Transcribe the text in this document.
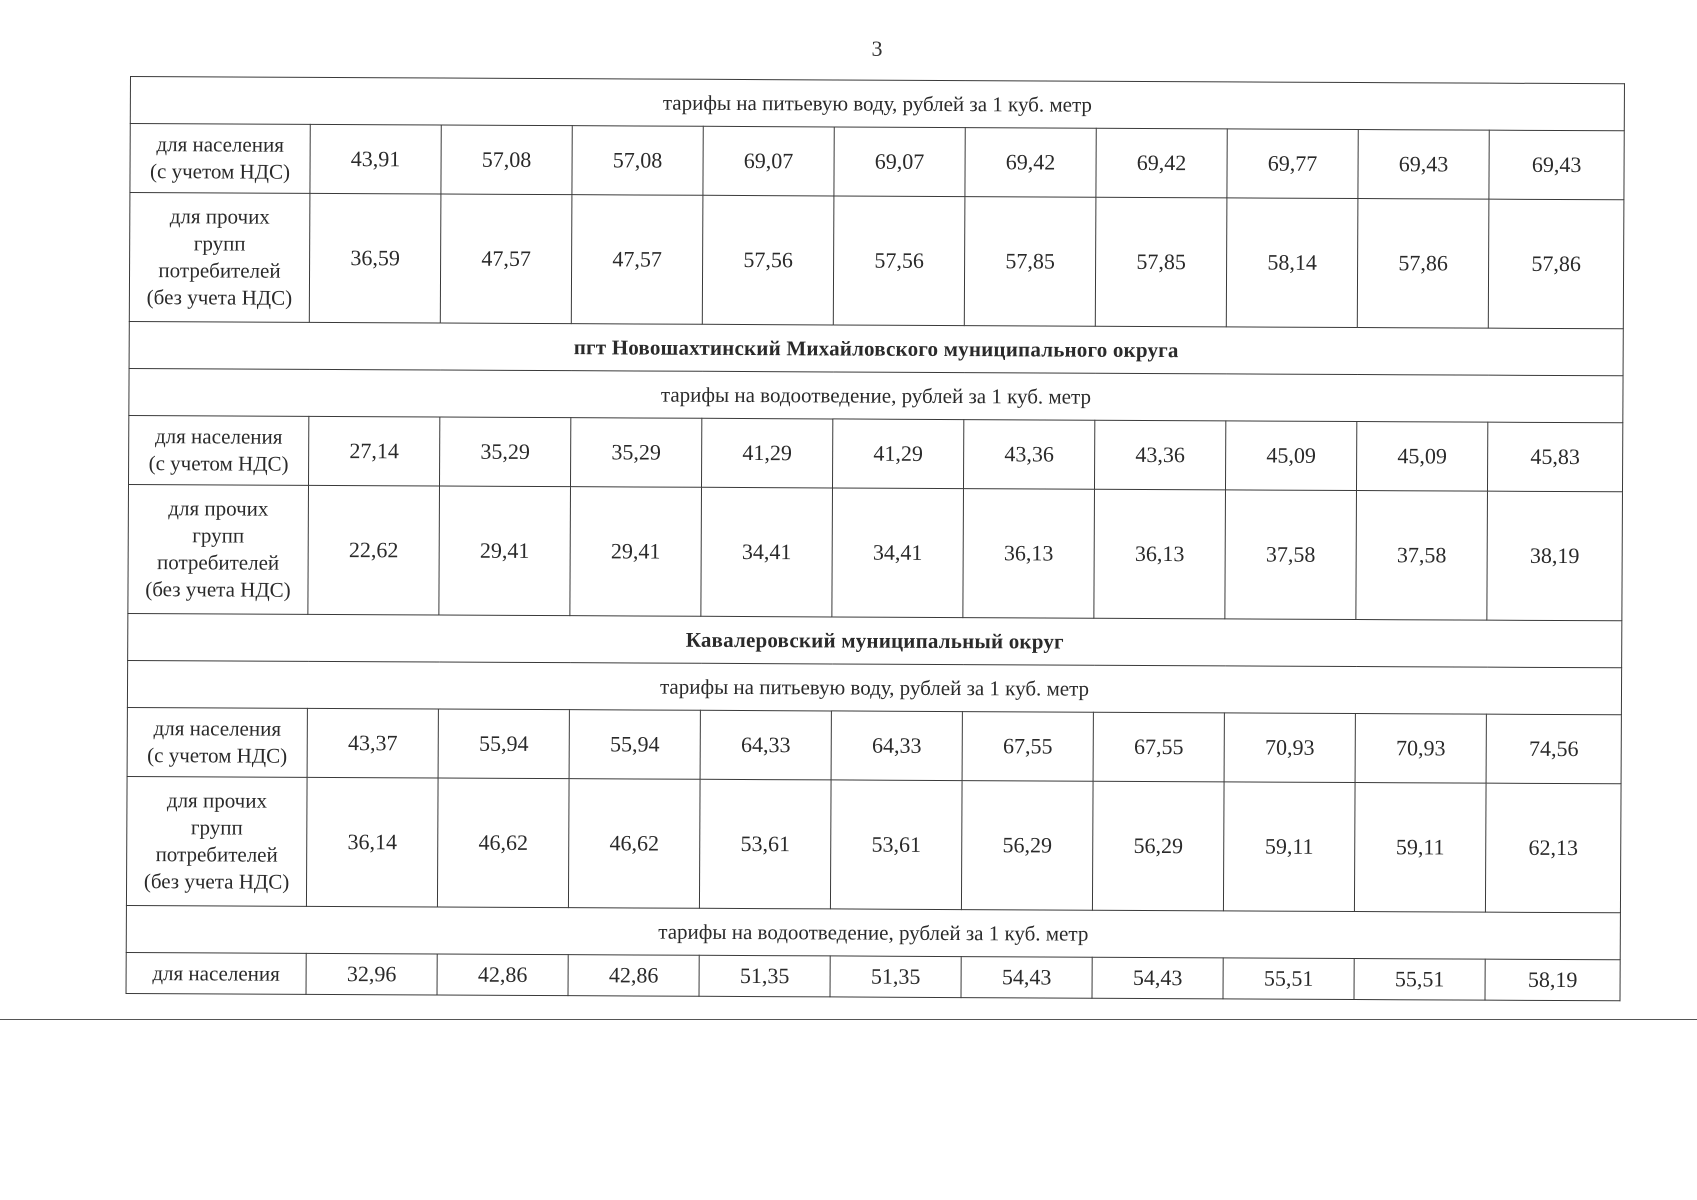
3
тарифы на питьевую воду, рублей за 1 куб. метр										
для населения
(с учетом НДС)	43,91	57,08	57,08	69,07	69,07	69,42	69,42	69,77	69,43	69,43
для прочих
групп
потребителей
(без учета НДС)	36,59	47,57	47,57	57,56	57,56	57,85	57,85	58,14	57,86	57,86
пгт Новошахтинский Михайловского муниципального округа										
тарифы на водоотведение, рублей за 1 куб. метр										
для населения
(с учетом НДС)	27,14	35,29	35,29	41,29	41,29	43,36	43,36	45,09	45,09	45,83
для прочих
групп
потребителей
(без учета НДС)	22,62	29,41	29,41	34,41	34,41	36,13	36,13	37,58	37,58	38,19
Кавалеровский муниципальный округ										
тарифы на питьевую воду, рублей за 1 куб. метр										
для населения
(с учетом НДС)	43,37	55,94	55,94	64,33	64,33	67,55	67,55	70,93	70,93	74,56
для прочих
групп
потребителей
(без учета НДС)	36,14	46,62	46,62	53,61	53,61	56,29	56,29	59,11	59,11	62,13
тарифы на водоотведение, рублей за 1 куб. метр										
для населения	32,96	42,86	42,86	51,35	51,35	54,43	54,43	55,51	55,51	58,19
